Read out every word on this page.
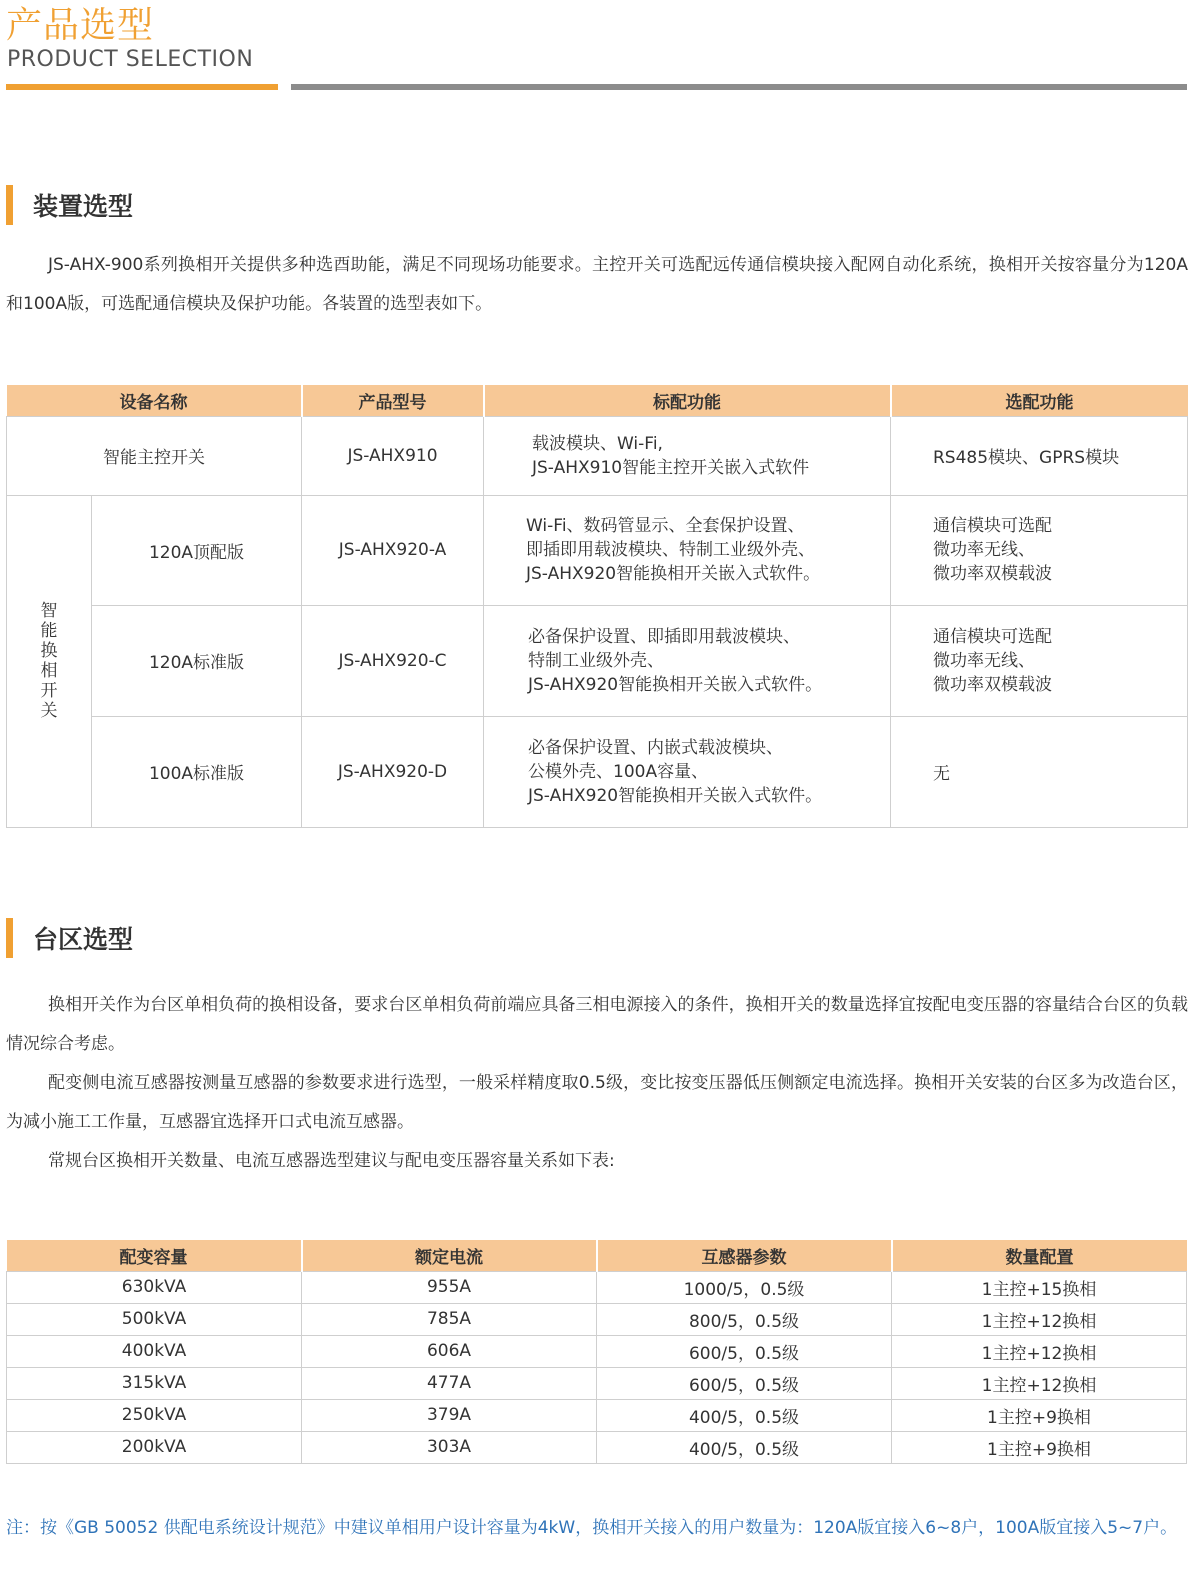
产品选型
PRODUCT SELECTION
装置选型

JS-AHX-900系列换相开关提供多种选酉助能，满足不同现场功能要求。主控开关可选配远传通信模块接入配网自动化系统，换相开关按容量分为120A和100A版，可选配通信模块及保护功能。各装置的选型表如下。

设备名称		产品型号	标配功能	选配功能
智能主控开关		JS-AHX910	载波模块、Wi-Fi,
JS-AHX910智能主控开关嵌入式软件	RS485模块、GPRS模块
智能换相开关	120A顶配版	JS-AHX920-A	Wi-Fi、数码管显示、全套保护设置、
即插即用载波模块、特制工业级外壳、
JS-AHX920智能换相开关嵌入式软件。	通信模块可选配
微功率无线、
微功率双模载波
	120A标准版	JS-AHX920-C	必备保护设置、即插即用载波模块、
特制工业级外壳、
JS-AHX920智能换相开关嵌入式软件。	通信模块可选配
微功率无线、
微功率双模载波
	100A标准版	JS-AHX920-D	必备保护设置、内嵌式载波模块、
公模外壳、100A容量、
JS-AHX920智能换相开关嵌入式软件。	无
台区选型

换相开关作为台区单相负荷的换相设备，要求台区单相负荷前端应具备三相电源接入的条件，换相开关的数量选择宜按配电变压器的容量结合台区的负载情况综合考虑。

配变侧电流互感器按测量互感器的参数要求进行选型，一般采样精度取0.5级，变比按变压器低压侧额定电流选择。换相开关安装的台区多为改造台区，为减小施工工作量，互感器宜选择开口式电流互感器。

常规台区换相开关数量、电流互感器选型建议与配电变压器容量关系如下表:

配变容量	额定电流	互感器参数	数量配置
630kVA	955A	1000/5，0.5级	1主控+15换相
500kVA	785A	800/5，0.5级	1主控+12换相
400kVA	606A	600/5，0.5级	1主控+12换相
315kVA	477A	600/5，0.5级	1主控+12换相
250kVA	379A	400/5，0.5级	1主控+9换相
200kVA	303A	400/5，0.5级	1主控+9换相
注：按《GB 50052 供配电系统设计规范》中建议单相用户设计容量为4kW，换相开关接入的用户数量为：120A版宜接入6~8户，100A版宜接入5~7户。
